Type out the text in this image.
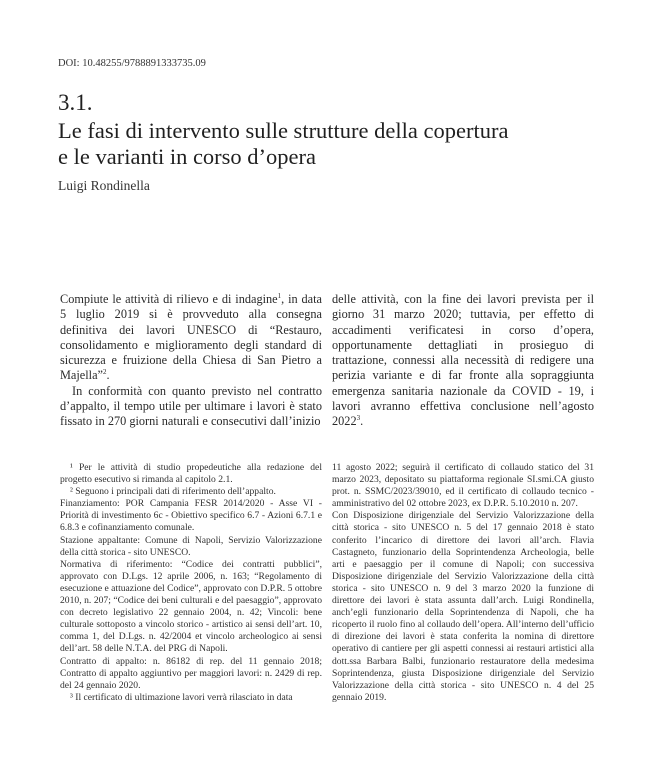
DOI: 10.48255/9788891333735.09
3.1.
Le fasi di intervento sulle strutture della copertura
e le varianti in corso d’opera
Luigi Rondinella

Compiute le attività di rilievo e di indagine$^1$, in data 5 luglio 2019 si è provveduto alla consegna definitiva dei lavori UNESCO di “Restauro, consolidamento e miglioramento degli standard di sicurezza e fruizione della Chiesa di San Pietro a Majella”$^2$.

In conformità con quanto previsto nel contratto d’appalto, il tempo utile per ultimare i lavori è stato fissato in 270 giorni naturali e consecutivi dall’inizio

delle attività, con la fine dei lavori prevista per il giorno 31 marzo 2020; tuttavia, per effetto di accadimenti verificatesi in corso d’opera, opportunamente dettagliati in prosieguo di trattazione, connessi alla necessità di redigere una perizia variante e di far fronte alla sopraggiunta emergenza sanitaria nazionale da COVID - 19, i lavori avranno effettiva conclusione nell’agosto 2022$^3$.

¹ Per le attività di studio propedeutiche alla redazione del progetto esecutivo si rimanda al capitolo 2.1.

² Seguono i principali dati di riferimento dell’appalto.

Finanziamento: POR Campania FESR 2014/2020 - Asse VI - Priorità di investimento 6c - Obiettivo specifico 6.7 - Azioni 6.7.1 e 6.8.3 e cofinanziamento comunale.

Stazione appaltante: Comune di Napoli, Servizio Valorizzazione della città storica - sito UNESCO.

Normativa di riferimento: “Codice dei contratti pubblici”, approvato con D.Lgs. 12 aprile 2006, n. 163; “Regolamento di esecuzione e attuazione del Codice”, approvato con D.P.R. 5 ottobre 2010, n. 207; “Codice dei beni culturali e del paesaggio”, approvato con decreto legislativo 22 gennaio 2004, n. 42; Vincoli: bene culturale sottoposto a vincolo storico - artistico ai sensi dell’art. 10, comma 1, del D.Lgs. n. 42/2004 et vincolo archeologico ai sensi dell’art. 58 delle N.T.A. del PRG di Napoli.

Contratto di appalto: n. 86182 di rep. del 11 gennaio 2018; Contratto di appalto aggiuntivo per maggiori lavori: n. 2429 di rep. del 24 gennaio 2020.

³ Il certificato di ultimazione lavori verrà rilasciato in data

11 agosto 2022; seguirà il certificato di collaudo statico del 31 marzo 2023, depositato su piattaforma regionale SI.smi.CA giusto prot. n. SSMC/2023/39010, ed il certificato di collaudo tecnico - amministrativo del 02 ottobre 2023, ex D.P.R. 5.10.2010 n. 207.

Con Disposizione dirigenziale del Servizio Valorizzazione della città storica - sito UNESCO n. 5 del 17 gennaio 2018 è stato conferito l’incarico di direttore dei lavori all’arch. Flavia Castagneto, funzionario della Soprintendenza Archeologia, belle arti e paesaggio per il comune di Napoli; con successiva Disposizione dirigenziale del Servizio Valorizzazione della città storica - sito UNESCO n. 9 del 3 marzo 2020 la funzione di direttore dei lavori è stata assunta dall’arch. Luigi Rondinella, anch’egli funzionario della Soprintendenza di Napoli, che ha ricoperto il ruolo fino al collaudo dell’opera. All’interno dell’ufficio di direzione dei lavori è stata conferita la nomina di direttore operativo di cantiere per gli aspetti connessi ai restauri artistici alla dott.ssa Barbara Balbi, funzionario restauratore della medesima Soprintendenza, giusta Disposizione dirigenziale del Servizio Valorizzazione della città storica - sito UNESCO n. 4 del 25 gennaio 2019.
